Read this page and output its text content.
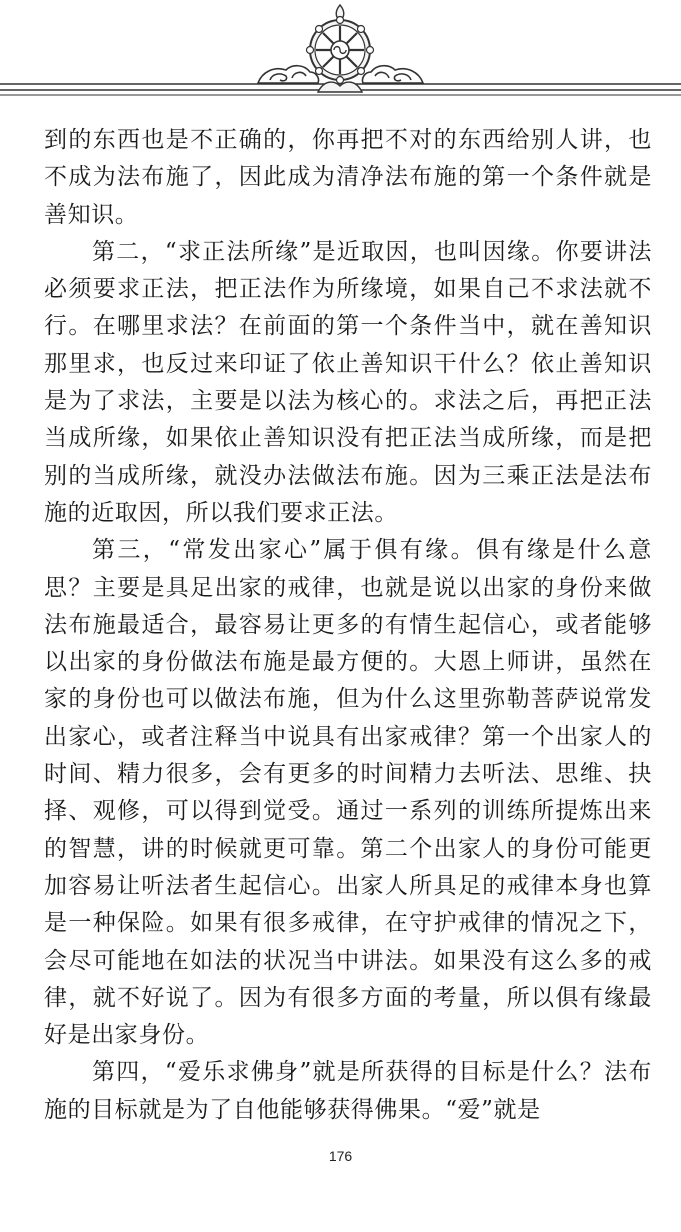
到的东西也是不正确的，你再把不对的东西给别人讲，也不成为法布施了，因此成为清净法布施的第一个条件就是善知识。

第二，“求正法所缘”是近取因，也叫因缘。你要讲法必须要求正法，把正法作为所缘境，如果自己不求法就不行。在哪里求法？在前面的第一个条件当中，就在善知识那里求，也反过来印证了依止善知识干什么？依止善知识是为了求法，主要是以法为核心的。求法之后，再把正法当成所缘，如果依止善知识没有把正法当成所缘，而是把别的当成所缘，就没办法做法布施。因为三乘正法是法布施的近取因，所以我们要求正法。

第三，“常发出家心”属于俱有缘。俱有缘是什么意思？主要是具足出家的戒律，也就是说以出家的身份来做法布施最适合，最容易让更多的有情生起信心，或者能够以出家的身份做法布施是最方便的。大恩上师讲，虽然在家的身份也可以做法布施，但为什么这里弥勒菩萨说常发出家心，或者注释当中说具有出家戒律？第一个出家人的时间、精力很多，会有更多的时间精力去听法、思维、抉择、观修，可以得到觉受。通过一系列的训练所提炼出来的智慧，讲的时候就更可靠。第二个出家人的身份可能更加容易让听法者生起信心。出家人所具足的戒律本身也算是一种保险。如果有很多戒律，在守护戒律的情况之下，会尽可能地在如法的状况当中讲法。如果没有这么多的戒律，就不好说了。因为有很多方面的考量，所以俱有缘最好是出家身份。

第四，“爱乐求佛身”就是所获得的目标是什么？法布施的目标就是为了自他能够获得佛果。“爱”就是

176
